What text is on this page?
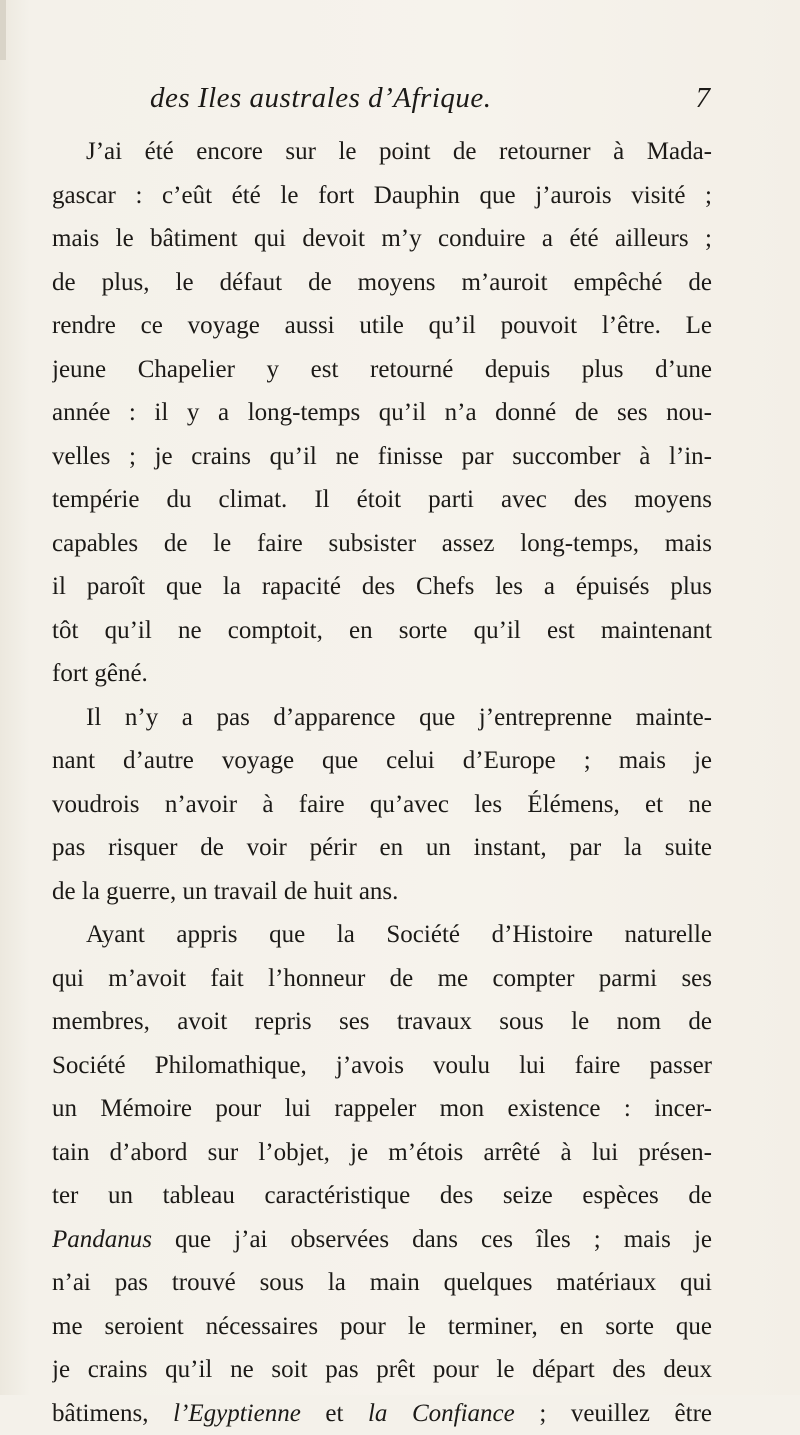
des Iles australes d’Afrique.	7
J’ai été encore sur le point de retourner à Mada-
gascar : c’eût été le fort Dauphin que j’aurois visité ;
mais le bâtiment qui devoit m’y conduire a été ailleurs ;
de plus, le défaut de moyens m’auroit empêché de
rendre ce voyage aussi utile qu’il pouvoit l’être. Le
jeune Chapelier y est retourné depuis plus d’une
année : il y a long-temps qu’il n’a donné de ses nou-
velles ; je crains qu’il ne finisse par succomber à l’in-
tempérie du climat. Il étoit parti avec des moyens
capables de le faire subsister assez long-temps, mais
il paroît que la rapacité des Chefs les a épuisés plus
tôt qu’il ne comptoit, en sorte qu’il est maintenant
fort gêné.
Il n’y a pas d’apparence que j’entreprenne mainte-
nant d’autre voyage que celui d’Europe ; mais je
voudrois n’avoir à faire qu’avec les Élémens, et ne
pas risquer de voir périr en un instant, par la suite
de la guerre, un travail de huit ans.
Ayant appris que la Société d’Histoire naturelle
qui m’avoit fait l’honneur de me compter parmi ses
membres, avoit repris ses travaux sous le nom de
Société Philomathique, j’avois voulu lui faire passer
un Mémoire pour lui rappeler mon existence : incer-
tain d’abord sur l’objet, je m’étois arrêté à lui présen-
ter un tableau caractéristique des seize espèces de
Pandanus que j’ai observées dans ces îles ; mais je
n’ai pas trouvé sous la main quelques matériaux qui
me seroient nécessaires pour le terminer, en sorte que
je crains qu’il ne soit pas prêt pour le départ des deux
bâtimens, l’Egyptienne et la Confiance ; veuillez être
